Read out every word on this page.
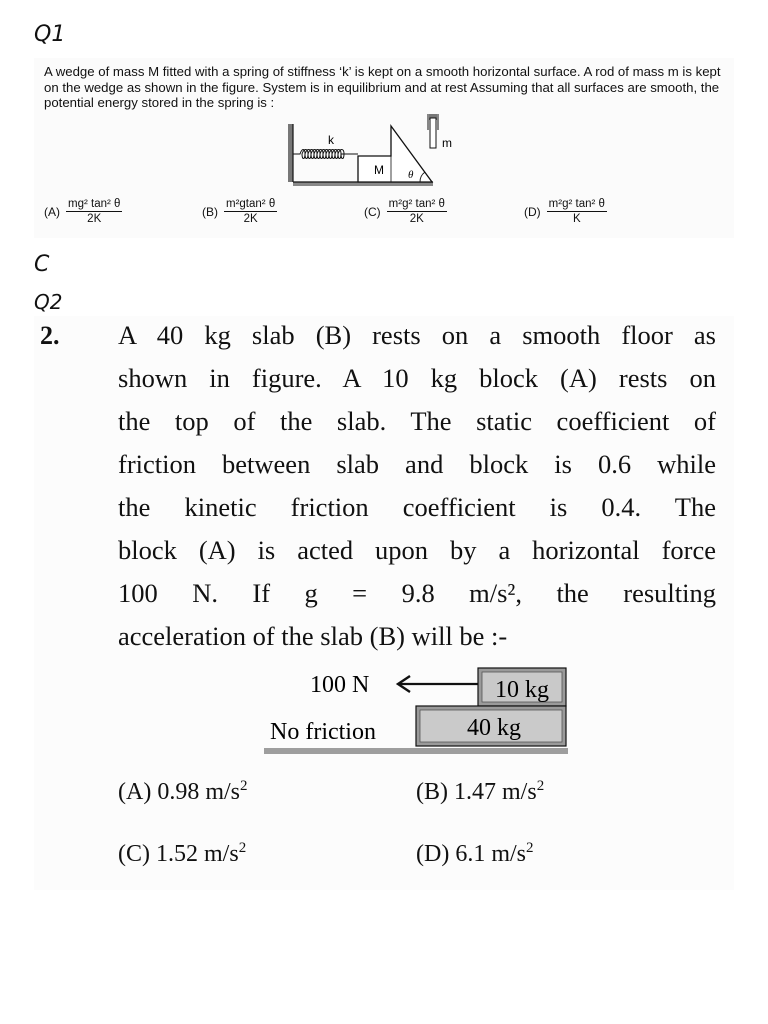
Q1
C
Q2
A wedge of mass M fitted with a spring of stiffness ‘k’ is kept on a smooth horizontal surface. A rod of mass m is kept on the wedge as shown in the figure. System is in equilibrium and at rest Assuming that all surfaces are smooth, the potential energy stored in the spring is :
k
M
m
θ
$(A) \frac{\text{mg² tan² θ}}{2K}$	$(B) \frac{\text{m²gtan² θ}}{2K}$	$(C) \frac{\text{m²g² tan² θ}}{2K}$	$(D) \frac{\text{m²g² tan² θ}}{K}$
2. A 40 kg slab (B) rests on a smooth floor as
shown in figure. A 10 kg block (A) rests on
the top of the slab. The static coefficient of
friction between slab and block is 0.6 while
the kinetic friction coefficient is 0.4. The
block (A) is acted upon by a horizontal force
100 N. If g = 9.8 m/s², the resulting
acceleration of the slab (B) will be :-
100 N	10 kg
40 kg
No friction
(A) 0.98 $m/s^2$	(B) 1.47 $m/s^2$
(C) 1.52 $m/s^2$	(D) 6.1 $m/s^2$
